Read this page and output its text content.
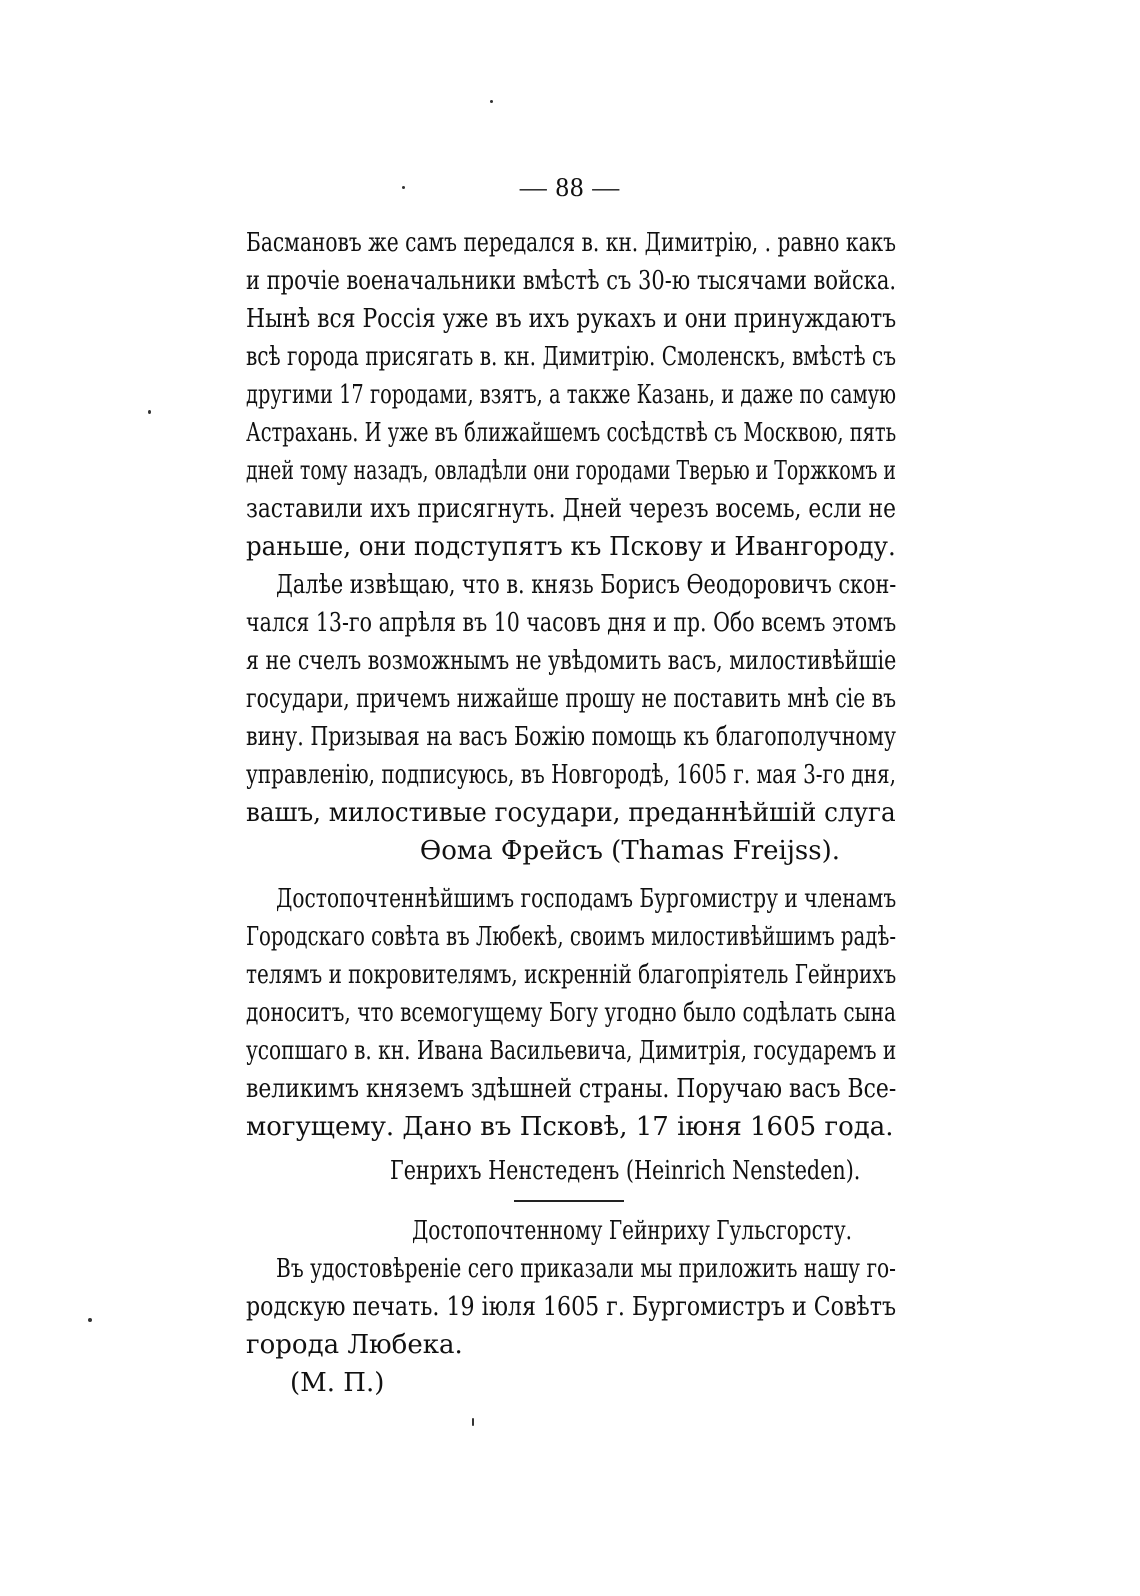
— 88 —
Басмановъ же самъ передался в. кн. Димитрію, . равно какъ
и прочіе военачальники вмѣстѣ съ 30-ю тысячами войска.
Нынѣ вся Россія уже въ ихъ рукахъ и они принуждаютъ
всѣ города присягать в. кн. Димитрію. Смоленскъ, вмѣстѣ съ
другими 17 городами, взятъ, а также Казань, и даже по самую
Астрахань. И уже въ ближайшемъ сосѣдствѣ съ Москвою, пять
дней тому назадъ, овладѣли они городами Тверью и Торжкомъ и
заставили ихъ присягнуть. Дней черезъ восемь, если не
раньше, они подступятъ къ Пскову и Ивангороду.
Далѣе извѣщаю, что в. князь Борисъ Ѳеодоровичъ скон-
чался 13-го апрѣля въ 10 часовъ дня и пр. Обо всемъ этомъ
я не счелъ возможнымъ не увѣдомить васъ, милостивѣйшіе
государи, причемъ нижайше прошу не поставить мнѣ сіе въ
вину. Призывая на васъ Божію помощь къ благополучному
управленію, подписуюсь, въ Новгородѣ, 1605 г. мая 3-го дня,
вашъ, милостивые государи, преданнѣйшій слуга
Ѳома Фрейсъ (Thamas Freijss).
Достопочтеннѣйшимъ господамъ Бургомистру и членамъ
Городскаго совѣта въ Любекѣ, своимъ милостивѣйшимъ радѣ-
телямъ и покровителямъ, искренній благопріятель Гейнрихъ
доноситъ, что всемогущему Богу угодно было содѣлать сына
усопшаго в. кн. Ивана Васильевича, Димитрія, государемъ и
великимъ княземъ здѣшней страны. Поручаю васъ Все-
могущему. Дано въ Псковѣ, 17 іюня 1605 года.
Генрихъ Ненстеденъ (Heinrich Nensteden).
Достопочтенному Гейнриху Гульсгорсту.
Въ удостовѣреніе сего приказали мы приложить нашу го-
родскую печать. 19 іюля 1605 г. Бургомистръ и Совѣтъ
города Любека.
(М. П.)
